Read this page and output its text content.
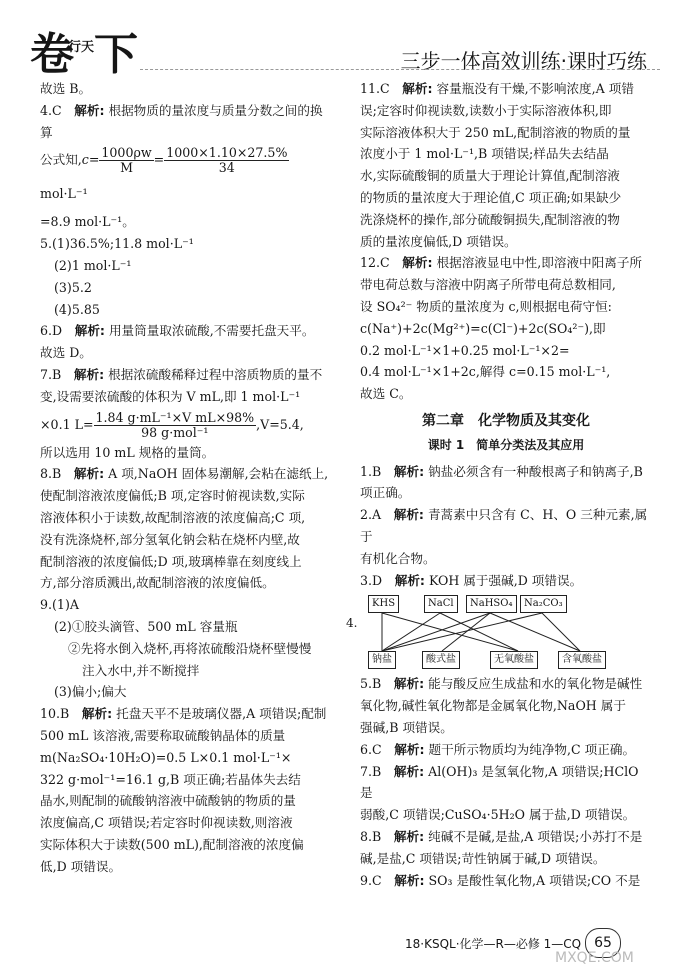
卷$^{行天}$下	三步一体高效训练·课时巧练

故选 B。

4.C　 解析: 根据物质的量浓度与质量分数之间的换算

公式知$,c= \frac{1000\rho w}{M} = \frac{1000\times 1.10\times 27.5\%}{34}$
mol·L⁻¹

=8.9 mol·L⁻¹。

5.(1)36.5%;11.8 mol·L⁻¹

(2)1 mol·L⁻¹

(3)5.2

(4)5.85

6.D　 解析: 用量筒量取浓硫酸,不需要托盘天平。

故选 D。

7.B　 解析: 根据浓硫酸稀释过程中溶质物质的量不

变,设需要浓硫酸的体积为 V mL,即 1 mol·L⁻¹

×0.1 $L= \frac{\text{1.84 g·mL⁻¹×V mL×98\%}}{\text{98 g·mol⁻¹}} ,V=5.4$,

所以选用 10 mL 规格的量筒。

8.B　 解析: A 项,NaOH 固体易潮解,会粘在滤纸上,

使配制溶液浓度偏低;B 项,定容时俯视读数,实际

溶液体积小于读数,故配制溶液的浓度偏高;C 项,

没有洗涤烧杯,部分氢氧化钠会粘在烧杯内壁,故

配制溶液的浓度偏低;D 项,玻璃棒靠在刻度线上

方,部分溶质溅出,故配制溶液的浓度偏低。

9.(1)A

(2)①胶头滴管、500 mL 容量瓶

②先将水倒入烧杯,再将浓硫酸沿烧杯壁慢慢

注入水中,并不断搅拌

(3)偏小;偏大

10.B　 解析: 托盘天平不是玻璃仪器,A 项错误;配制

500 mL 该溶液,需要称取硫酸钠晶体的质量

m(Na₂SO₄·10H₂O)=0.5 L×0.1 mol·L⁻¹×

322 g·mol⁻¹=16.1 g,B 项正确;若晶体失去结

晶水,则配制的硫酸钠溶液中硫酸钠的物质的量

浓度偏高,C 项错误;若定容时仰视读数,则溶液

实际体积大于读数(500 mL),配制溶液的浓度偏

低,D 项错误。

11.C　 解析: 容量瓶没有干燥,不影响浓度,A 项错

误;定容时仰视读数,读数小于实际溶液体积,即

实际溶液体积大于 250 mL,配制溶液的物质的量

浓度小于 1 mol·L⁻¹,B 项错误;样品失去结晶

水,实际硫酸铜的质量大于理论计算值,配制溶液

的物质的量浓度大于理论值,C 项正确;如果缺少

洗涤烧杯的操作,部分硫酸铜损失,配制溶液的物

质的量浓度偏低,D 项错误。

12.C　 解析: 根据溶液显电中性,即溶液中阳离子所

带电荷总数与溶液中阴离子所带电荷总数相同,

设 SO₄²⁻ 物质的量浓度为 c,则根据电荷守恒:

c(Na⁺)+2c(Mg²⁺)=c(Cl⁻)+2c(SO₄²⁻),即

0.2 mol·L⁻¹×1+0.25 mol·L⁻¹×2=

0.4 mol·L⁻¹×1+2c,解得 c=0.15 mol·L⁻¹,

故选 C。

第二章　化学物质及其变化
课时 1　简单分类法及其应用

1.B　 解析: 钠盐必须含有一种酸根离子和钠离子,B

项正确。

2.A　 解析: 青蒿素中只含有 C、H、O 三种元素,属于

有机化合物。

3.D　 解析: KOH 属于强碱,D 项错误。

KHS	NaCl	NaHSO₄	Na₂CO₃
4.
钠盐	酸式盐	无氧酸盐	含氧酸盐

5.B　 解析: 能与酸反应生成盐和水的氧化物是碱性

氧化物,碱性氧化物都是金属氧化物,NaOH 属于

强碱,B 项错误。

6.C　 解析: 题干所示物质均为纯净物,C 项正确。

7.B　 解析: Al(OH)₃ 是氢氧化物,A 项错误;HClO 是

弱酸,C 项错误;CuSO₄·5H₂O 属于盐,D 项错误。

8.B　 解析: 纯碱不是碱,是盐,A 项错误;小苏打不是

碱,是盐,C 项错误;苛性钠属于碱,D 项错误。

9.C　 解析: SO₃ 是酸性氧化物,A 项错误;CO 不是

18·KSQL·化学—R—必修 1—CQ 65
MXQE.COM
